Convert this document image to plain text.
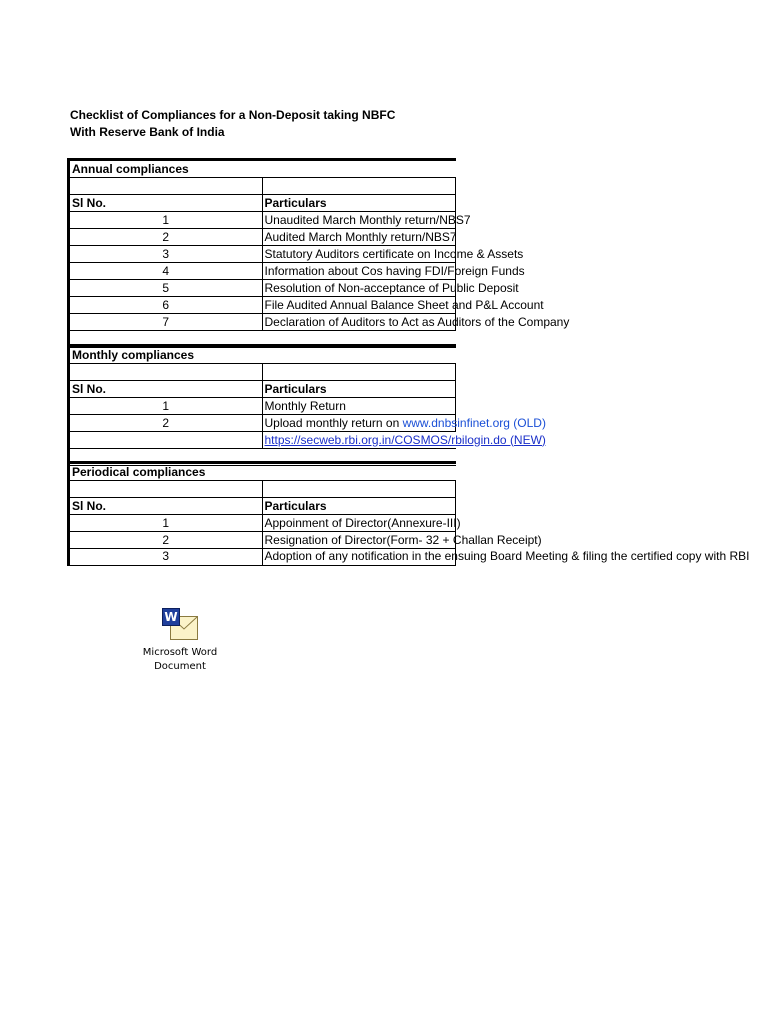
Checklist of Compliances for a Non-Deposit taking NBFC
With Reserve Bank of India
Annual compliances	

Sl No.	Particulars
1	Unaudited March Monthly return/NBS7
2	Audited March Monthly return/NBS7
3	Statutory Auditors certificate on Income & Assets
4	Information about Cos having FDI/Foreign Funds
5	Resolution of Non-acceptance of Public Deposit
6	File Audited Annual Balance Sheet and P&L Account
7	Declaration of Auditors to Act as Auditors of the Company

Monthly compliances	

Sl No.	Particulars
1	Monthly Return
2	Upload monthly return on www.dnbsinfinet.org (OLD)
	https://secweb.rbi.org.in/COSMOS/rbilogin.do (NEW)

Periodical compliances	

Sl No.	Particulars
1	Appoinment of Director(Annexure-III)
2	Resignation of Director(Form- 32 + Challan Receipt)
3	Adoption of any notification in the ensuing Board Meeting & filing the certified copy with RBI
W
Microsoft Word
Document
